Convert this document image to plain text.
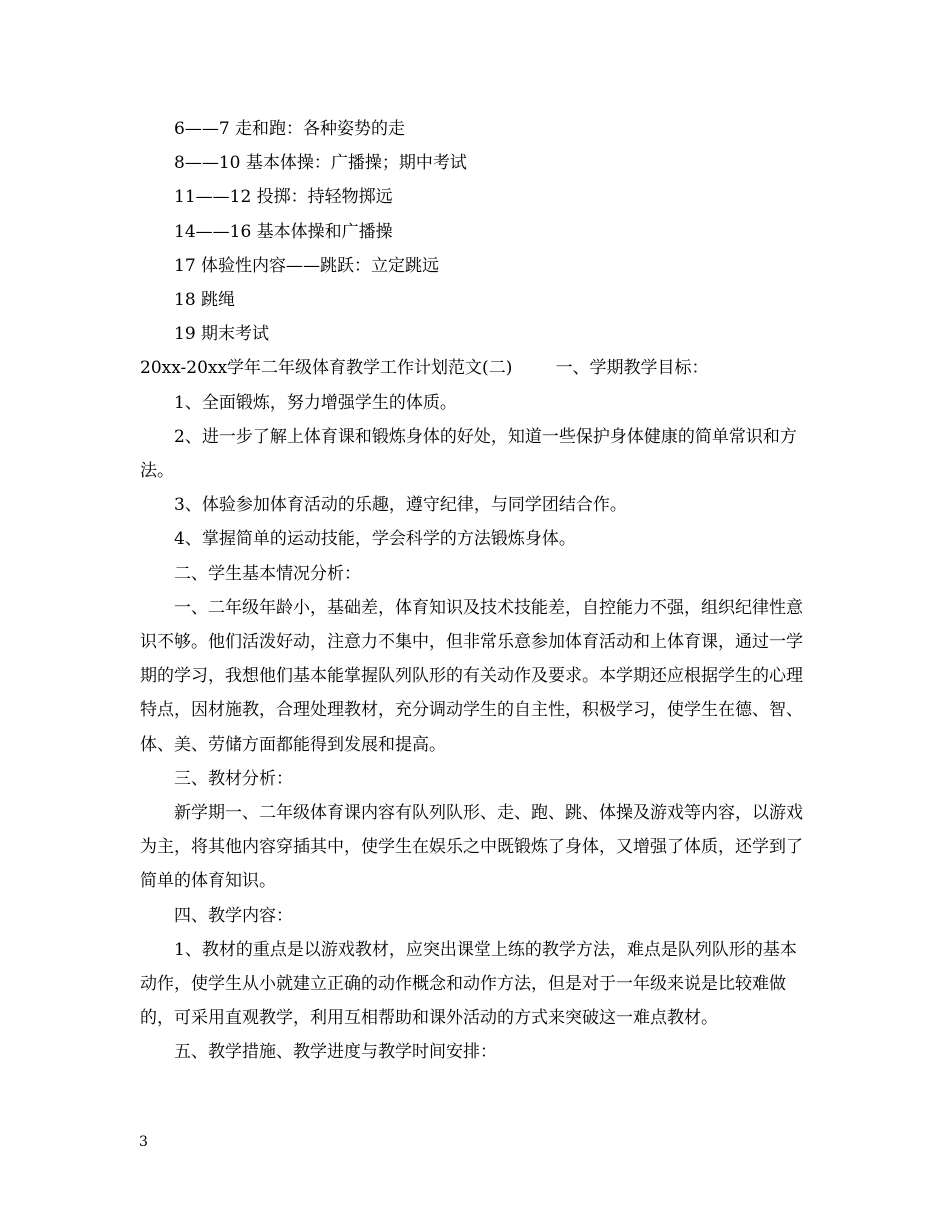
6——7 走和跑：各种姿势的走

8——10 基本体操：广播操；期中考试

11——12 投掷：持轻物掷远

14——16 基本体操和广播操

17 体验性内容——跳跃：立定跳远

18 跳绳

19 期末考试

20xx-20xx学年二年级体育教学工作计划范文(二)	一、学期教学目标：

1、全面锻炼，努力增强学生的体质。

2、进一步了解上体育课和锻炼身体的好处，知道一些保护身体健康的简单常识和方法。

3、体验参加体育活动的乐趣，遵守纪律，与同学团结合作。

4、掌握简单的运动技能，学会科学的方法锻炼身体。

二、学生基本情况分析：

一、二年级年龄小，基础差，体育知识及技术技能差，自控能力不强，组织纪律性意识不够。他们活泼好动，注意力不集中，但非常乐意参加体育活动和上体育课，通过一学期的学习，我想他们基本能掌握队列队形的有关动作及要求。本学期还应根据学生的心理特点，因材施教，合理处理教材，充分调动学生的自主性，积极学习，使学生在德、智、体、美、劳储方面都能得到发展和提高。

三、教材分析：

新学期一、二年级体育课内容有队列队形、走、跑、跳、体操及游戏等内容，以游戏为主，将其他内容穿插其中，使学生在娱乐之中既锻炼了身体，又增强了体质，还学到了简单的体育知识。

四、教学内容：

1、教材的重点是以游戏教材，应突出课堂上练的教学方法，难点是队列队形的基本动作，使学生从小就建立正确的动作概念和动作方法，但是对于一年级来说是比较难做的，可采用直观教学，利用互相帮助和课外活动的方式来突破这一难点教材。

五、教学措施、教学进度与教学时间安排：

3
